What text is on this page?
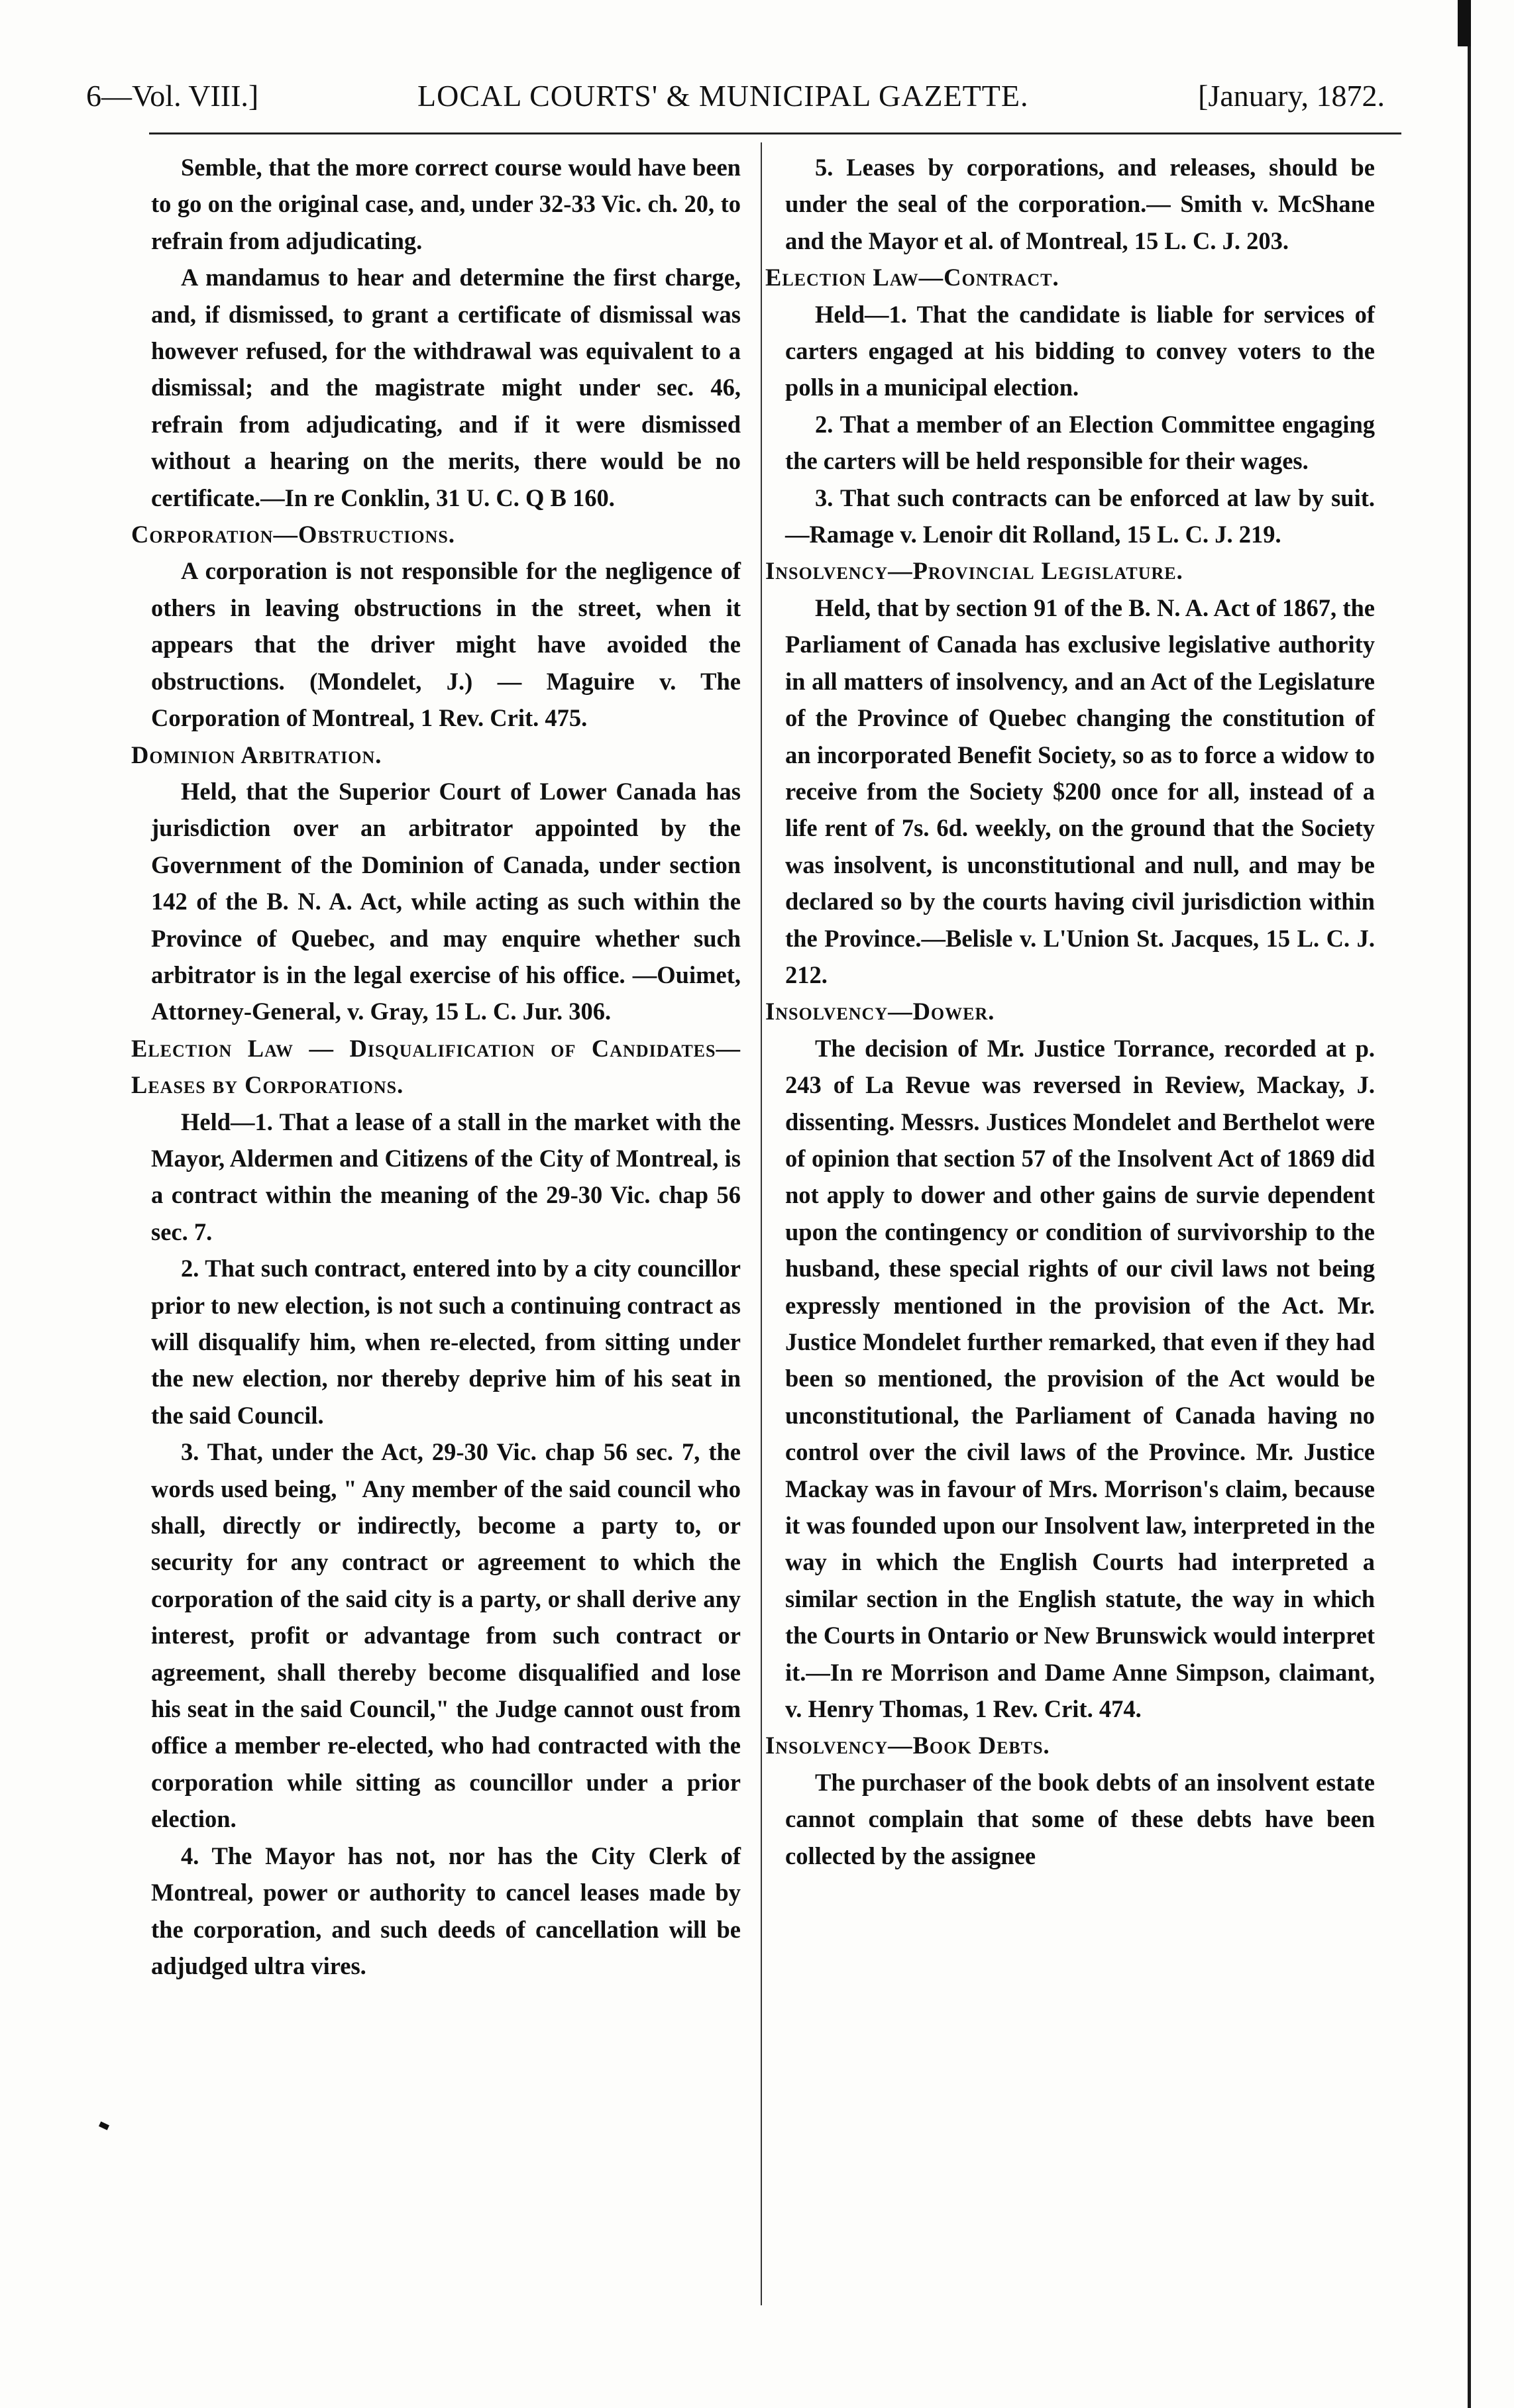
6—Vol. VIII.]	LOCAL COURTS' & MUNICIPAL GAZETTE.	[January, 1872.

Semble, that the more correct course would have been to go on the original case, and, under 32-33 Vic. ch. 20, to refrain from adjudicating.

A mandamus to hear and determine the first charge, and, if dismissed, to grant a certificate of dismissal was however refused, for the withdrawal was equivalent to a dismissal; and the magistrate might under sec. 46, refrain from adjudicating, and if it were dismissed without a hearing on the merits, there would be no certificate.—In re Conklin, 31 U. C. Q B 160.

Corporation—Obstructions.

A corporation is not responsible for the negligence of others in leaving obstructions in the street, when it appears that the driver might have avoided the obstructions. (Mondelet, J.) — Maguire v. The Corporation of Montreal, 1 Rev. Crit. 475.

Dominion Arbitration.

Held, that the Superior Court of Lower Canada has jurisdiction over an arbitrator appointed by the Government of the Dominion of Canada, under section 142 of the B. N. A. Act, while acting as such within the Province of Quebec, and may enquire whether such arbitrator is in the legal exercise of his office. —Ouimet, Attorney-General, v. Gray, 15 L. C. Jur. 306.

Election Law — Disqualification of Candidates—Leases by Corporations.

Held—1. That a lease of a stall in the market with the Mayor, Aldermen and Citizens of the City of Montreal, is a contract within the meaning of the 29-30 Vic. chap 56 sec. 7.

2. That such contract, entered into by a city councillor prior to new election, is not such a continuing contract as will disqualify him, when re-elected, from sitting under the new election, nor thereby deprive him of his seat in the said Council.

3. That, under the Act, 29-30 Vic. chap 56 sec. 7, the words used being, " Any member of the said council who shall, directly or indirectly, become a party to, or security for any contract or agreement to which the corporation of the said city is a party, or shall derive any interest, profit or advantage from such contract or agreement, shall thereby become disqualified and lose his seat in the said Council," the Judge cannot oust from office a member re-elected, who had contracted with the corporation while sitting as councillor under a prior election.

4. The Mayor has not, nor has the City Clerk of Montreal, power or authority to cancel leases made by the corporation, and such deeds of cancellation will be adjudged ultra vires.

5. Leases by corporations, and releases, should be under the seal of the corporation.— Smith v. McShane and the Mayor et al. of Montreal, 15 L. C. J. 203.

Election Law—Contract.

Held—1. That the candidate is liable for services of carters engaged at his bidding to convey voters to the polls in a municipal election.

2. That a member of an Election Committee engaging the carters will be held responsible for their wages.

3. That such contracts can be enforced at law by suit.—Ramage v. Lenoir dit Rolland, 15 L. C. J. 219.

Insolvency—Provincial Legislature.

Held, that by section 91 of the B. N. A. Act of 1867, the Parliament of Canada has exclusive legislative authority in all matters of insolvency, and an Act of the Legislature of the Province of Quebec changing the constitution of an incorporated Benefit Society, so as to force a widow to receive from the Society $200 once for all, instead of a life rent of 7s. 6d. weekly, on the ground that the Society was insolvent, is unconstitutional and null, and may be declared so by the courts having civil jurisdiction within the Province.—Belisle v. L'Union St. Jacques, 15 L. C. J. 212.

Insolvency—Dower.

The decision of Mr. Justice Torrance, recorded at p. 243 of La Revue was reversed in Review, Mackay, J. dissenting. Messrs. Justices Mondelet and Berthelot were of opinion that section 57 of the Insolvent Act of 1869 did not apply to dower and other gains de survie dependent upon the contingency or condition of survivorship to the husband, these special rights of our civil laws not being expressly mentioned in the provision of the Act. Mr. Justice Mondelet further remarked, that even if they had been so mentioned, the provision of the Act would be unconstitutional, the Parliament of Canada having no control over the civil laws of the Province. Mr. Justice Mackay was in favour of Mrs. Morrison's claim, because it was founded upon our Insolvent law, interpreted in the way in which the English Courts had interpreted a similar section in the English statute, the way in which the Courts in Ontario or New Brunswick would interpret it.—In re Morrison and Dame Anne Simpson, claimant, v. Henry Thomas, 1 Rev. Crit. 474.

Insolvency—Book Debts.

The purchaser of the book debts of an insolvent estate cannot complain that some of these debts have been collected by the assignee
